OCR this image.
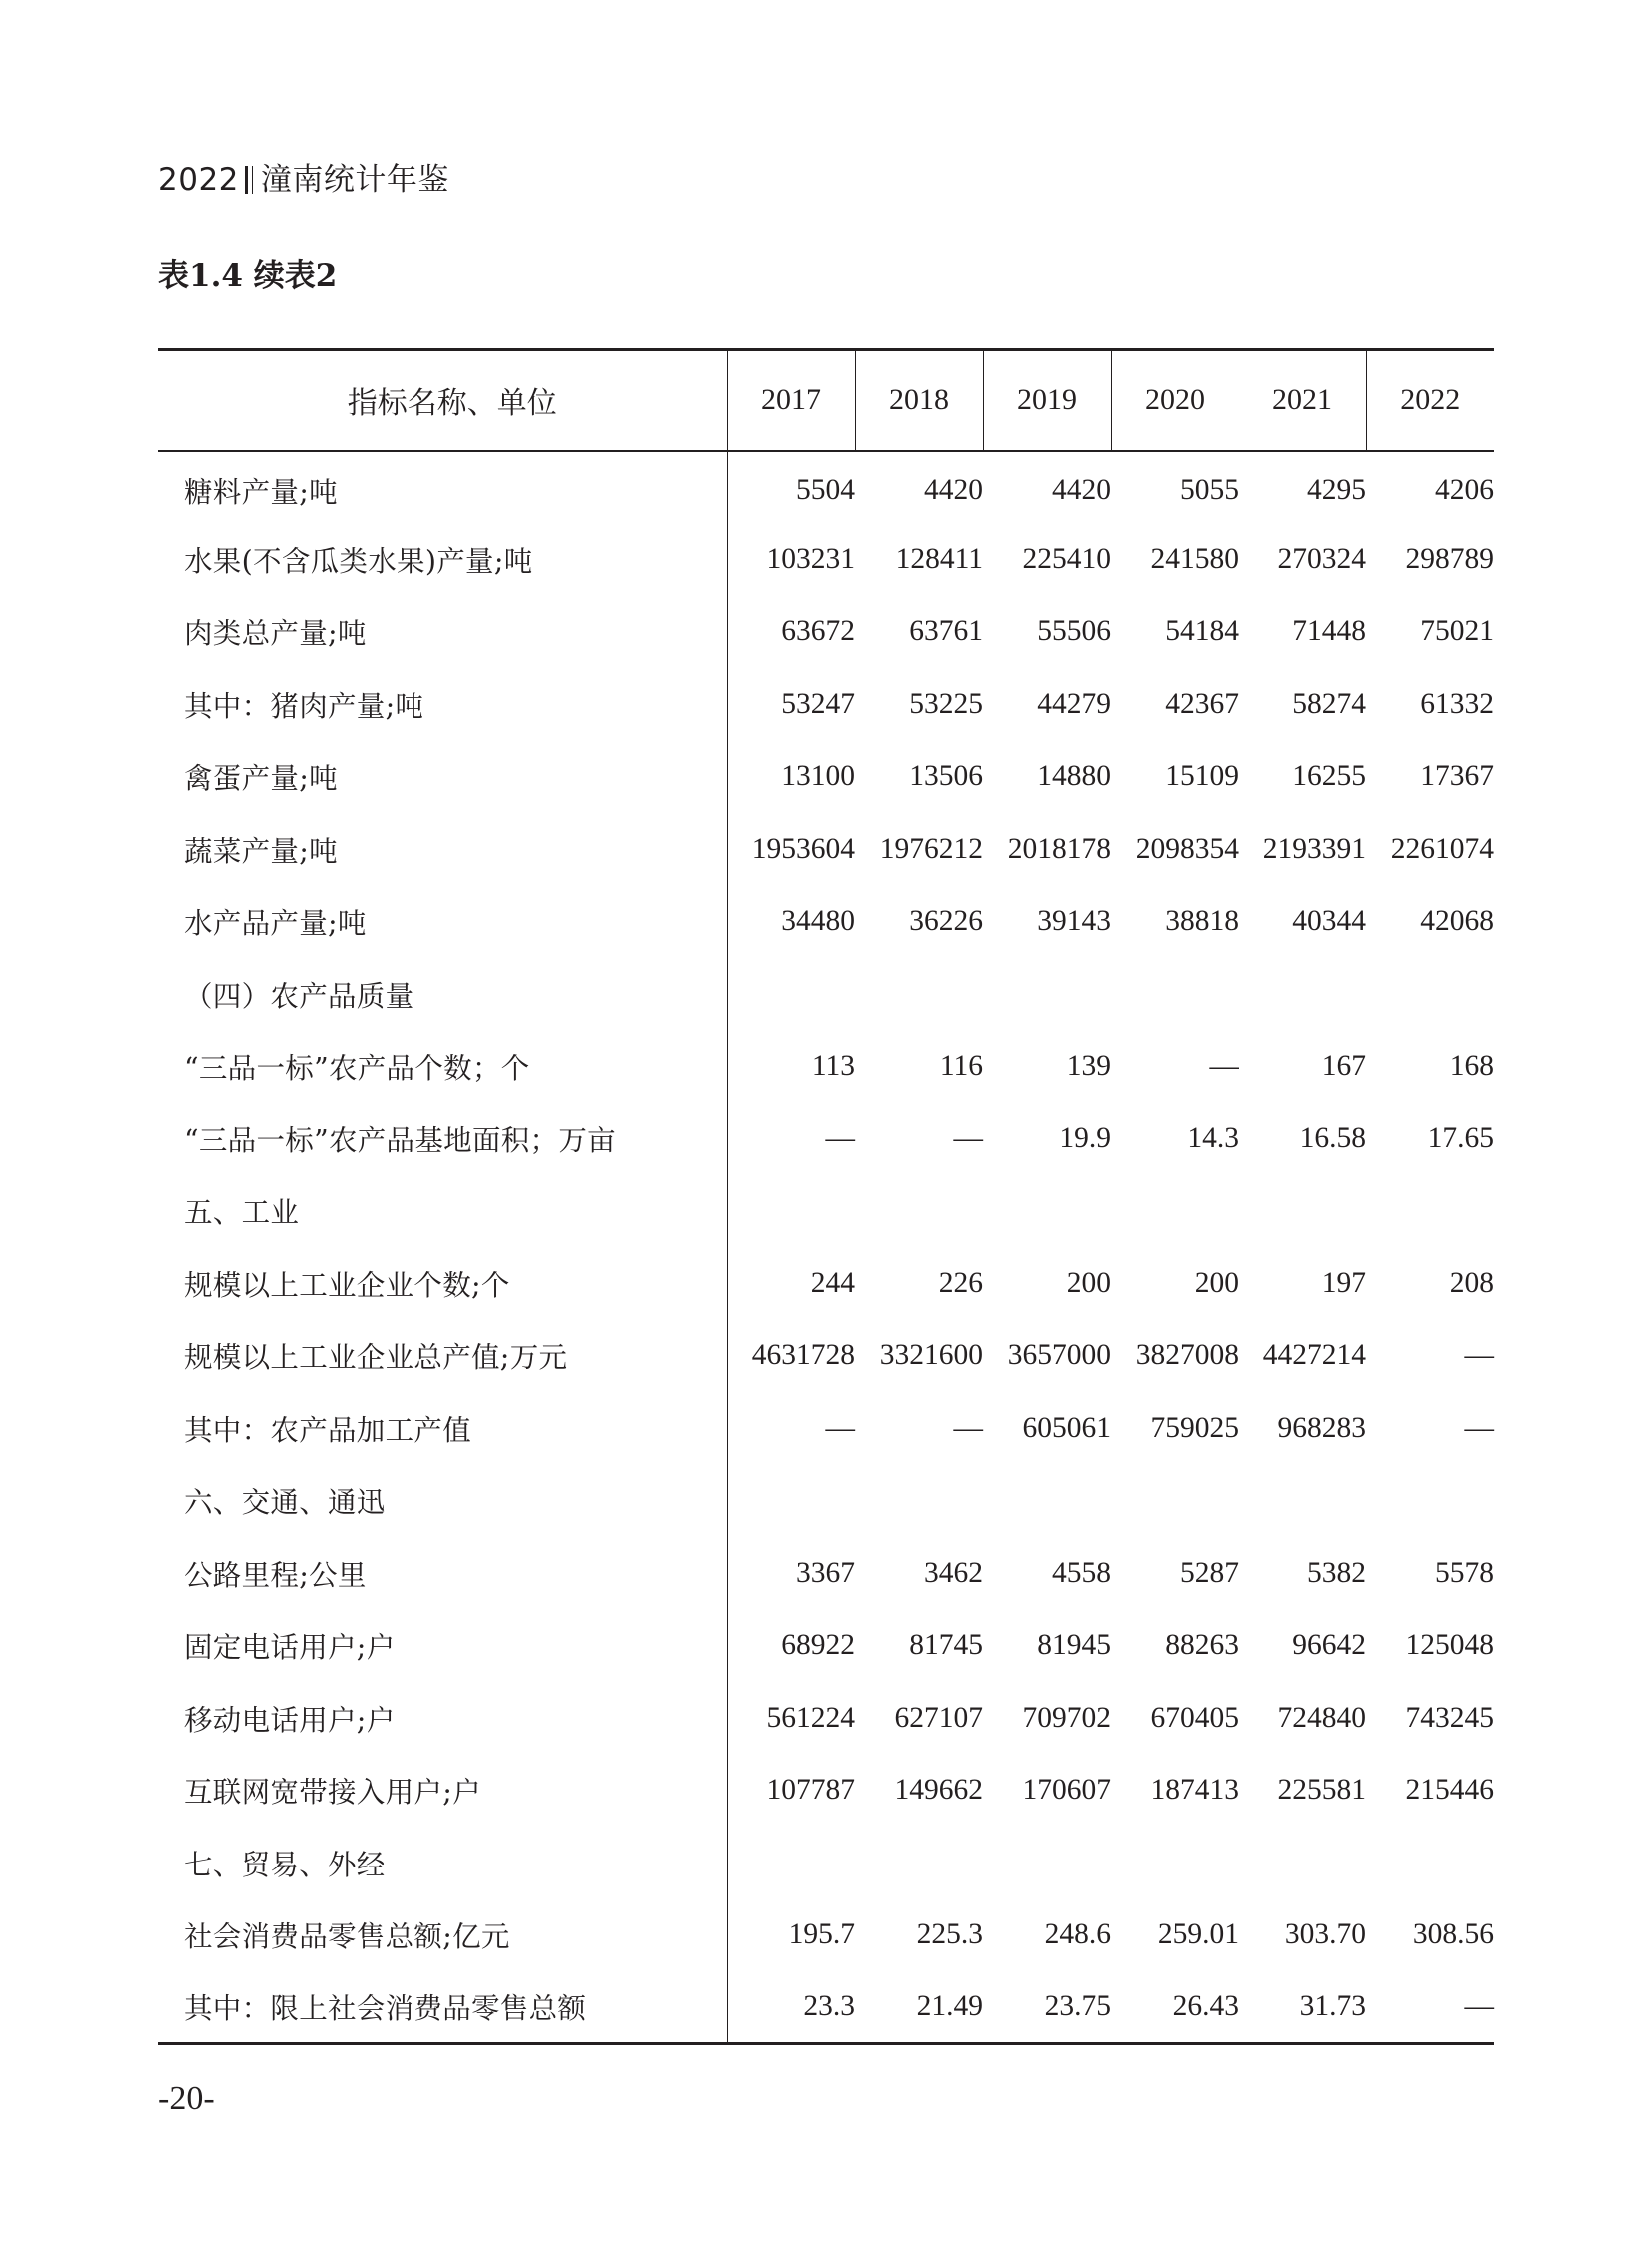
2022 潼南统计年鉴
表1.4 续表2
指标名称、单位	2017	2018	2019	2020	2021	2022
糖料产量;吨	5504	4420	4420	5055	4295	4206
水果(不含瓜类水果)产量;吨	103231	128411	225410	241580	270324	298789
肉类总产量;吨	63672	63761	55506	54184	71448	75021
其中：猪肉产量;吨	53247	53225	44279	42367	58274	61332
禽蛋产量;吨	13100	13506	14880	15109	16255	17367
蔬菜产量;吨	1953604	1976212	2018178	2098354	2193391	2261074
水产品产量;吨	34480	36226	39143	38818	40344	42068
（四）农产品质量						
“三品一标”农产品个数；个	113	116	139	—	167	168
“三品一标”农产品基地面积；万亩	—	—	19.9	14.3	16.58	17.65
五、工业						
规模以上工业企业个数;个	244	226	200	200	197	208
规模以上工业企业总产值;万元	4631728	3321600	3657000	3827008	4427214	—
其中：农产品加工产值	—	—	605061	759025	968283	—
六、交通、通迅						
公路里程;公里	3367	3462	4558	5287	5382	5578
固定电话用户;户	68922	81745	81945	88263	96642	125048
移动电话用户;户	561224	627107	709702	670405	724840	743245
互联网宽带接入用户;户	107787	149662	170607	187413	225581	215446
七、贸易、外经						
社会消费品零售总额;亿元	195.7	225.3	248.6	259.01	303.70	308.56
其中：限上社会消费品零售总额	23.3	21.49	23.75	26.43	31.73	—
-20-
